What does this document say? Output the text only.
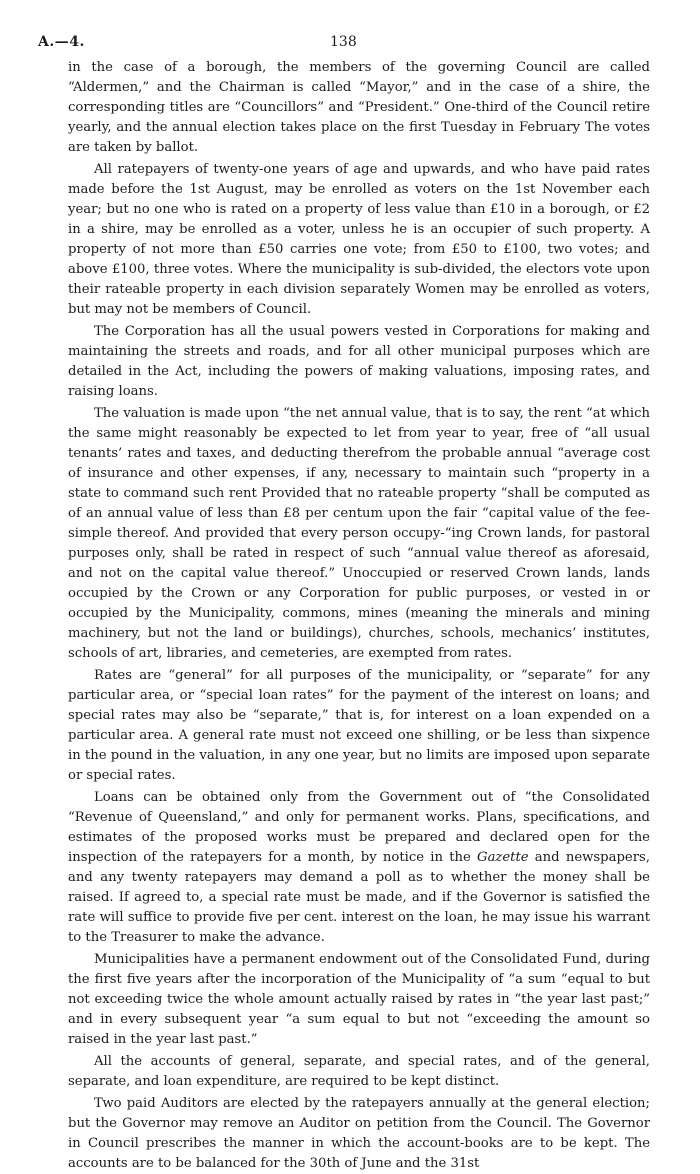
A.—4.	138

in the case of a borough, the members of the governing Council are called “Aldermen,” and the Chairman is called “Mayor,” and in the case of a shire, the corresponding titles are “Councillors” and “President.” One-third of the Council retire yearly, and the annual election takes place on the first Tuesday in February The votes are taken by ballot.

All ratepayers of twenty-one years of age and upwards, and who have paid rates made before the 1st August, may be enrolled as voters on the 1st November each year; but no one who is rated on a property of less value than £10 in a borough, or £2 in a shire, may be enrolled as a voter, unless he is an occupier of such property. A property of not more than £50 carries one vote; from £50 to £100, two votes; and above £100, three votes. Where the municipality is sub-divided, the electors vote upon their rateable property in each division separately Women may be enrolled as voters, but may not be members of Council.

The Corporation has all the usual powers vested in Corporations for making and maintaining the streets and roads, and for all other municipal purposes which are detailed in the Act, including the powers of making valuations, imposing rates, and raising loans.

The valuation is made upon “the net annual value, that is to say, the rent “at which the same might reasonably be expected to let from year to year, free of “all usual tenants’ rates and taxes, and deducting therefrom the probable annual “average cost of insurance and other expenses, if any, necessary to maintain such “property in a state to command such rent Provided that no rateable property “shall be computed as of an annual value of less than £8 per centum upon the fair “capital value of the fee-simple thereof. And provided that every person occupy-“ing Crown lands, for pastoral purposes only, shall be rated in respect of such “annual value thereof as aforesaid, and not on the capital value thereof.” Unoccupied or reserved Crown lands, lands occupied by the Crown or any Corporation for public purposes, or vested in or occupied by the Municipality, commons, mines (meaning the minerals and mining machinery, but not the land or buildings), churches, schools, mechanics’ institutes, schools of art, libraries, and cemeteries, are exempted from rates.

Rates are “general” for all purposes of the municipality, or “separate” for any particular area, or “special loan rates” for the payment of the interest on loans; and special rates may also be “separate,” that is, for interest on a loan expended on a particular area. A general rate must not exceed one shilling, or be less than sixpence in the pound in the valuation, in any one year, but no limits are imposed upon separate or special rates.

Loans can be obtained only from the Government out of “the Consolidated “Revenue of Queensland,” and only for permanent works. Plans, specifications, and estimates of the proposed works must be prepared and declared open for the inspection of the ratepayers for a month, by notice in the Gazette and newspapers, and any twenty ratepayers may demand a poll as to whether the money shall be raised. If agreed to, a special rate must be made, and if the Governor is satisfied the rate will suffice to provide five per cent. interest on the loan, he may issue his warrant to the Treasurer to make the advance.

Municipalities have a permanent endowment out of the Consolidated Fund, during the first five years after the incorporation of the Municipality of “a sum “equal to but not exceeding twice the whole amount actually raised by rates in “the year last past;” and in every subsequent year “a sum equal to but not “exceeding the amount so raised in the year last past.”

All the accounts of general, separate, and special rates, and of the general, separate, and loan expenditure, are required to be kept distinct.

Two paid Auditors are elected by the ratepayers annually at the general election; but the Governor may remove an Auditor on petition from the Council. The Governor in Council prescribes the manner in which the account-books are to be kept. The accounts are to be balanced for the 30th of June and the 31st
